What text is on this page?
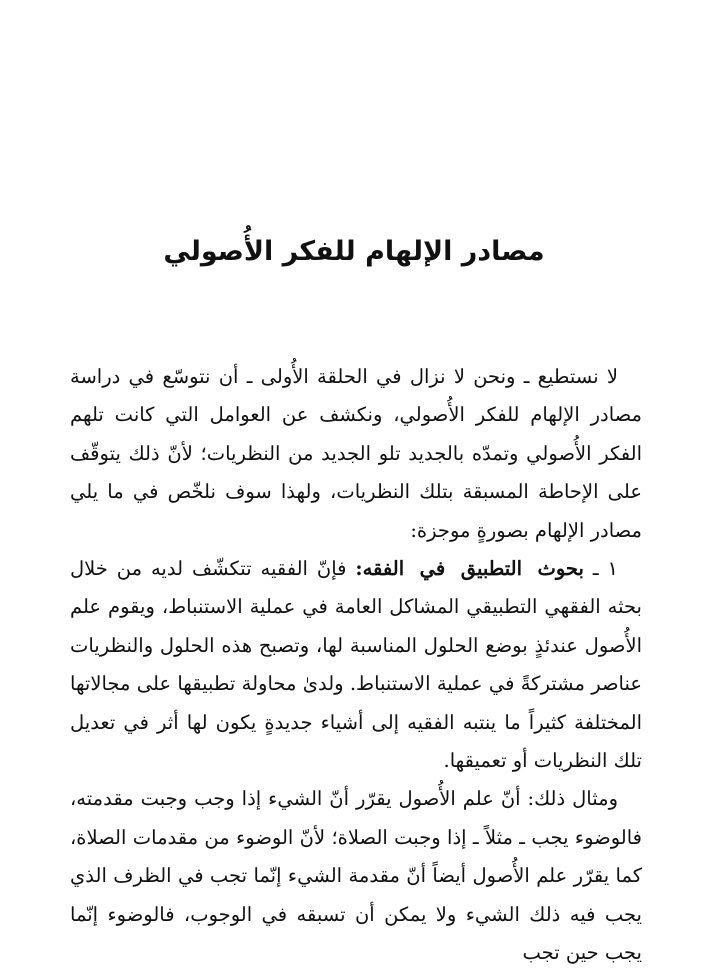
مصادر الإلهام للفكر الأُصولي

لا نستطيع ـ ونحن لا نزال في الحلقة الأُولى ـ أن نتوسّع في دراسة مصادر الإلهام للفكر الأُصولي، ونكشف عن العوامل التي كانت تلهم الفكر الأُصولي وتمدّه بالجديد تلو الجديد من النظريات؛ لأنّ ذلك يتوقّف على الإحاطة المسبقة بتلك النظريات، ولهذا سوف نلخّص في ما يلي مصادر الإلهام بصورةٍ موجزة:

١ ـ بحوث التطبيق في الفقه: فإنّ الفقيه تتكشّف لديه من خلال بحثه الفقهي التطبيقي المشاكل العامة في عملية الاستنباط، ويقوم علم الأُصول عندئذٍ بوضع الحلول المناسبة لها، وتصبح هذه الحلول والنظريات عناصر مشتركةً في عملية الاستنباط. ولدىٰ محاولة تطبيقها على مجالاتها المختلفة كثيراً ما ينتبه الفقيه إلى أشياء جديدةٍ يكون لها أثر في تعديل تلك النظريات أو تعميقها.

ومثال ذلك: أنّ علم الأُصول يقرّر أنّ الشيء إذا وجب وجبت مقدمته، فالوضوء يجب ـ مثلاً ـ إذا وجبت الصلاة؛ لأنّ الوضوء من مقدمات الصلاة، كما يقرّر علم الأُصول أيضاً أنّ مقدمة الشيء إنّما تجب في الظرف الذي يجب فيه ذلك الشيء ولا يمكن أن تسبقه في الوجوب، فالوضوء إنّما يجب حين تجب
